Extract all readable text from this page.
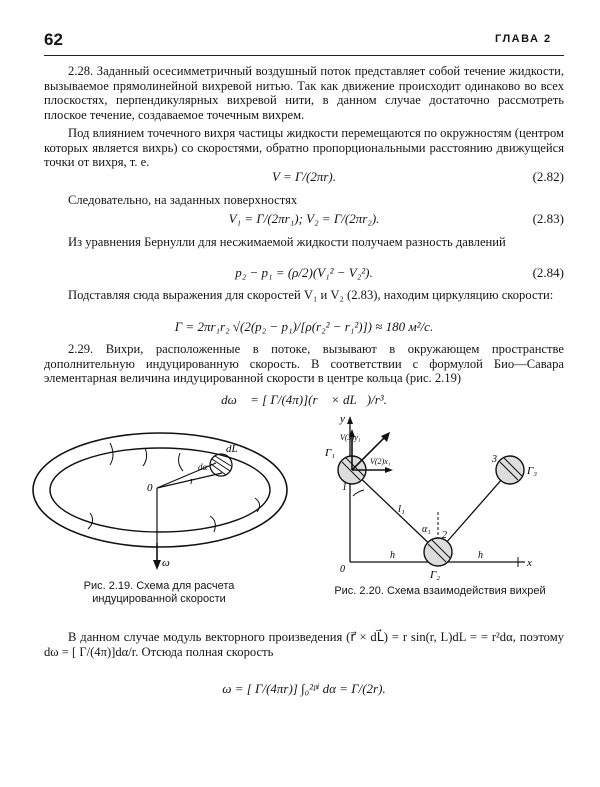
62	ГЛАВА 2

2.28. Заданный осесимметричный воздушный поток представляет собой течение жидкости, вызываемое прямолинейной вихревой нитью. Так как движение происходит одинаково во всех плоскостях, перпендикулярных вихревой нити, в данном случае достаточно рассмотреть плоское течение, создаваемое точечным вихрем.

Под влиянием точечного вихря частицы жидкости перемещаются по окружностям (центром которых является вихрь) со скоростями, обратно пропорциональными расстоянию движущейся точки от вихря, т. е.

V = Γ/(2πr).	(2.82)

Следовательно, на заданных поверхностях

V₁ = Γ/(2πr₁); V₂ = Γ/(2πr₂).	(2.83)

Из уравнения Бернулли для несжимаемой жидкости получаем разность давлений

p₂ − p₁ = (ρ/2)(V₁² − V₂²).	(2.84)

Подставляя сюда выражения для скоростей V₁ и V₂ (2.83), находим циркуляцию скорости:

Γ = 2πr₁r₂ √(2(p₂ − p₁)/[ρ(r₂² − r₁²)]) ≈ 180 м²/с.

2.29. Вихри, расположенные в потоке, вызывают в окружающем пространстве дополнительную индуцированную скорость. В соответствии с формулой Био—Савара элементарная величина индуцированной скорости в центре кольца (рис. 2.19)

dω⃗ = [ Γ/(4π)](r⃗ × dL⃗)/r³.
dL
0
r
dα
ω
Рис. 2.19. Схема для расчета индуцированной скорости
y
x
0
Γ₁
Γ₂
Γ₃
1
2
3
l₁
h	h
α₁
V(3)y₁
V(2)x₁
Рис. 2.20. Схема взаимодействия вихрей

В данном случае модуль векторного произведения (r⃗ × dL⃗) = r sin(r, L)dL = = r²dα, поэтому dω = [ Γ/(4π)]dα/r. Отсюда полная скорость

ω = [ Γ/(4πr)] ∫₀²ᵖⁱ dα = Γ/(2r).
